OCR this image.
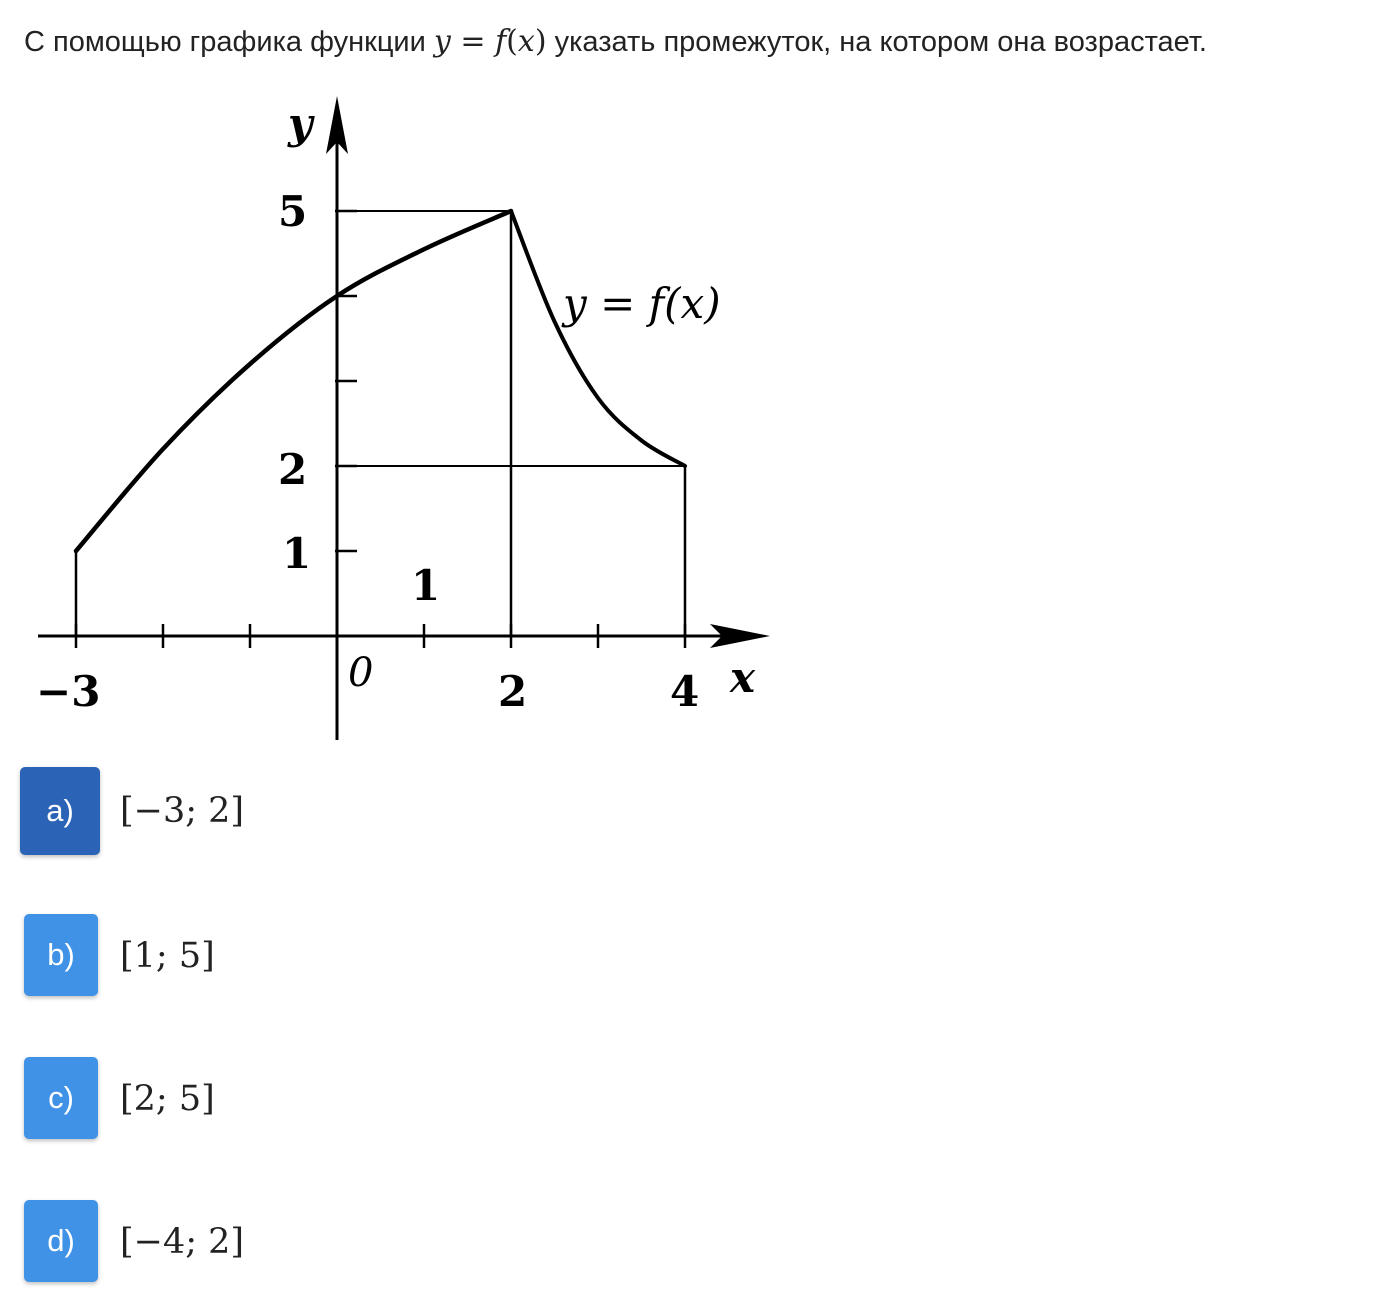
С помощью графика функции y = f(x) указать промежуток, на котором она возрастает.
y
x
0
y = f(x)
5
2
1
−3
1
2	4
a)	[−3; 2]
b)	[1; 5]
c)	[2; 5]
d)	[−4; 2]
